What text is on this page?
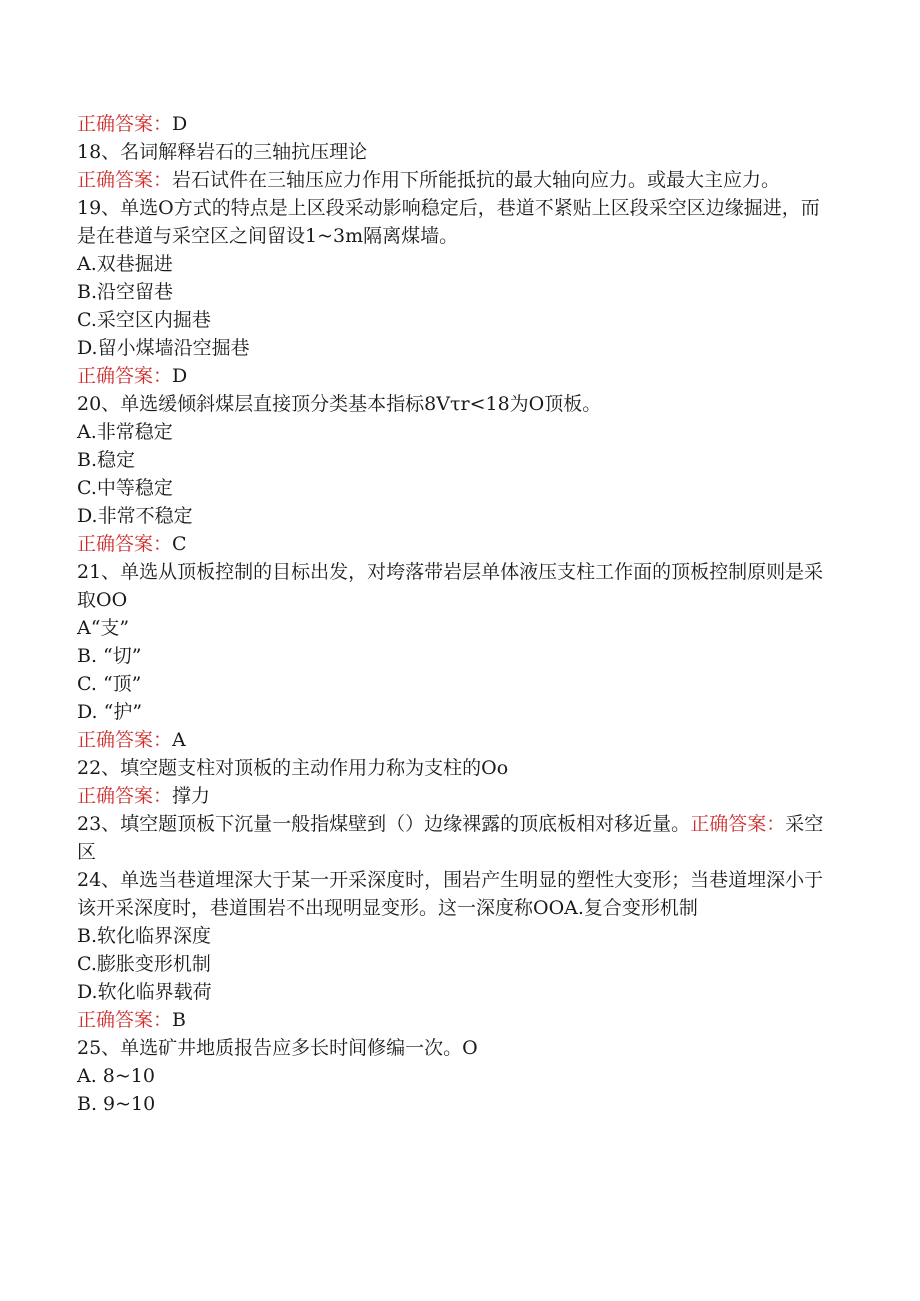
正确答案：D
18、名词解释岩石的三轴抗压理论
正确答案：岩石试件在三轴压应力作用下所能抵抗的最大轴向应力。或最大主应力。
19、单选O方式的特点是上区段采动影响稳定后，巷道不紧贴上区段采空区边缘掘进，而是在巷道与采空区之间留设1~3m隔离煤墙。
A.双巷掘进
B.沿空留巷
C.采空区内掘巷
D.留小煤墙沿空掘巷
正确答案：D
20、单选缓倾斜煤层直接顶分类基本指标8Vτr<18为O顶板。
A.非常稳定
B.稳定
C.中等稳定
D.非常不稳定
正确答案：C
21、单选从顶板控制的目标出发，对垮落带岩层单体液压支柱工作面的顶板控制原则是采取OO
A“支”
B. “切”
C. “顶”
D. “护”
正确答案：A
22、填空题支柱对顶板的主动作用力称为支柱的Oo
正确答案：撑力
23、填空题顶板下沉量一般指煤壁到（）边缘裸露的顶底板相对移近量。正确答案：采空区
24、单选当巷道埋深大于某一开采深度时，围岩产生明显的塑性大变形；当巷道埋深小于该开采深度时，巷道围岩不出现明显变形。这一深度称OOA.复合变形机制
B.软化临界深度
C.膨胀变形机制
D.软化临界载荷
正确答案：B
25、单选矿井地质报告应多长时间修编一次。O
A. 8~10
B. 9~10
